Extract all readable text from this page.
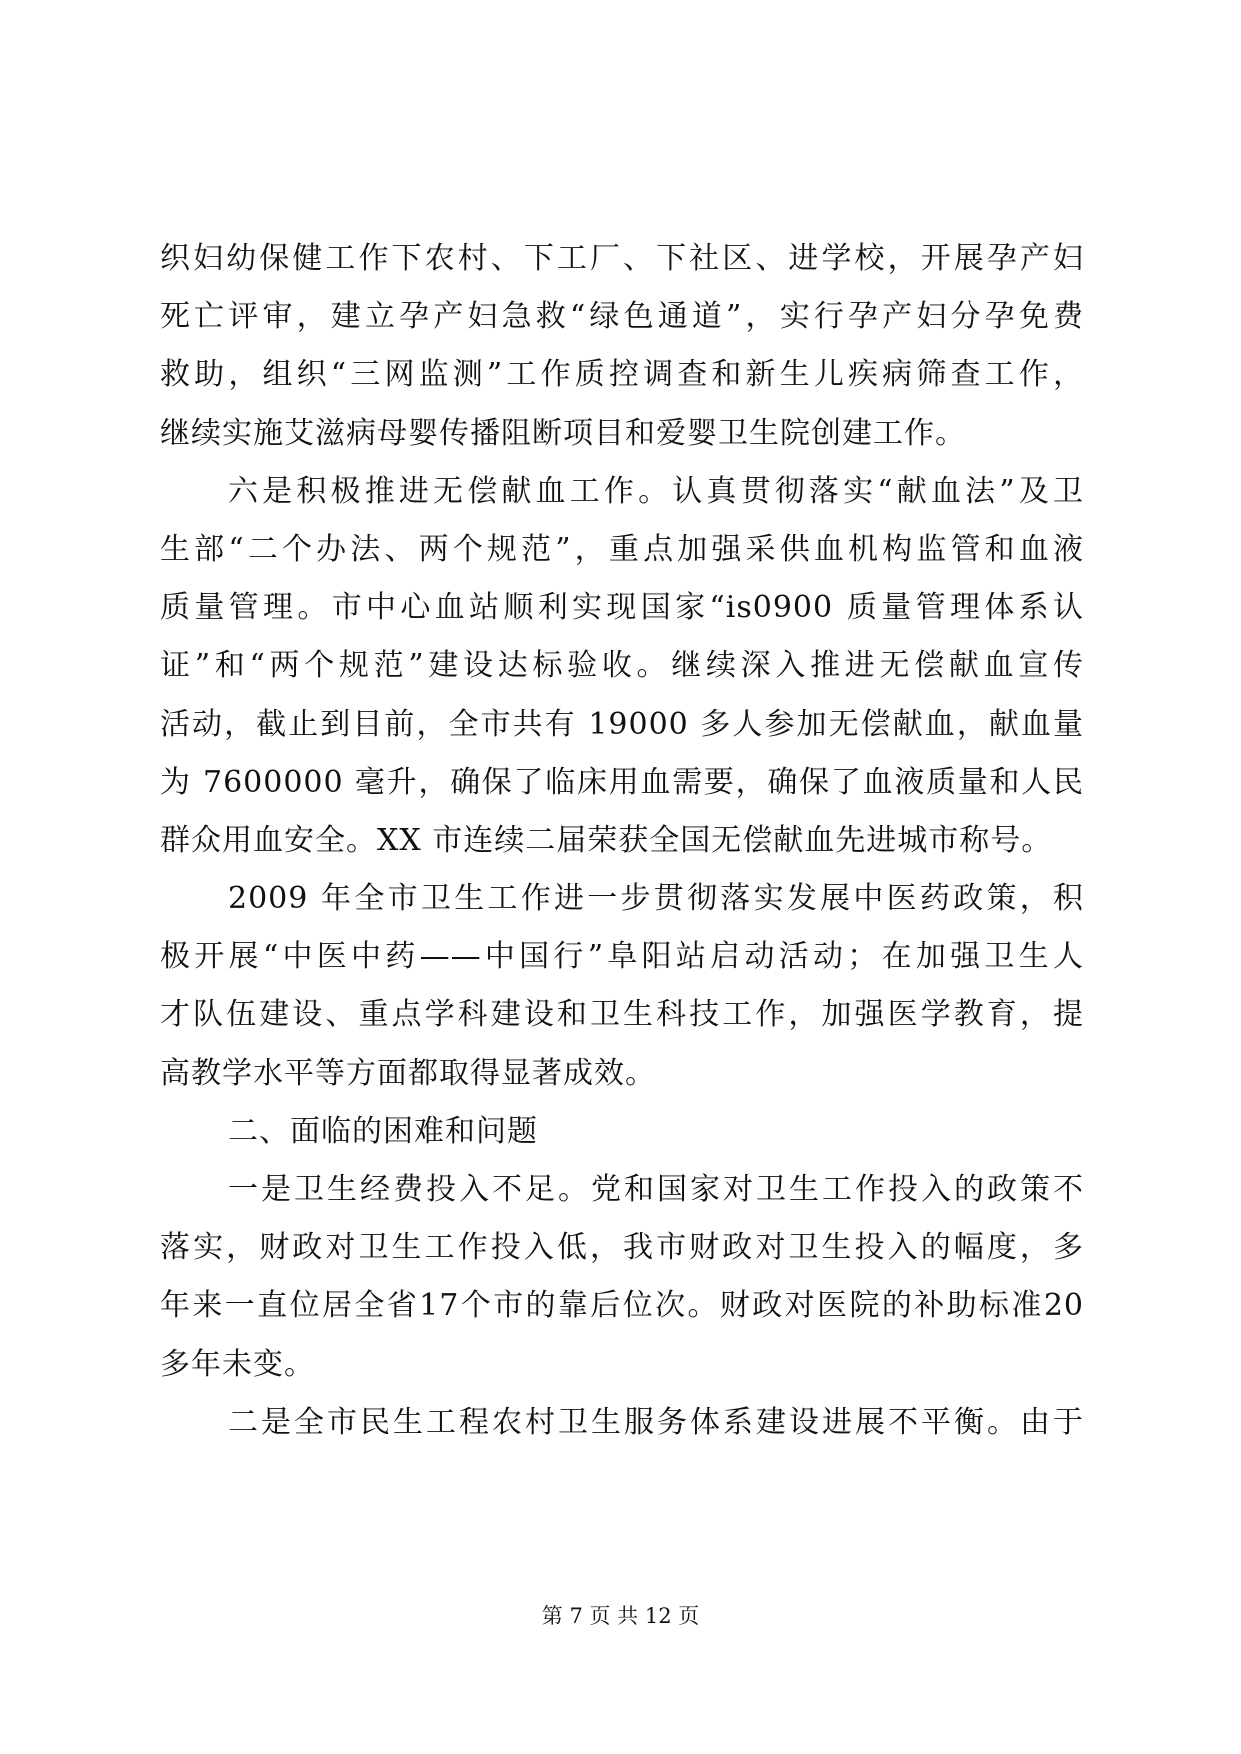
织妇幼保健工作下农村、下工厂、下社区、进学校，开展孕产妇
死亡评审，建立孕产妇急救“绿色通道”，实行孕产妇分孕免费
救助，组织“三网监测”工作质控调查和新生儿疾病筛查工作，
继续实施艾滋病母婴传播阻断项目和爱婴卫生院创建工作。
六是积极推进无偿献血工作。认真贯彻落实“献血法”及卫
生部“二个办法、两个规范”，重点加强采供血机构监管和血液
质量管理。市中心血站顺利实现国家“is0900 质量管理体系认
证”和“两个规范”建设达标验收。继续深入推进无偿献血宣传
活动，截止到目前，全市共有 19000 多人参加无偿献血，献血量
为 7600000 毫升，确保了临床用血需要，确保了血液质量和人民
群众用血安全。XX 市连续二届荣获全国无偿献血先进城市称号。
2009 年全市卫生工作进一步贯彻落实发展中医药政策，积
极开展“中医中药——中国行”阜阳站启动活动；在加强卫生人
才队伍建设、重点学科建设和卫生科技工作，加强医学教育，提
高教学水平等方面都取得显著成效。
二、面临的困难和问题
一是卫生经费投入不足。党和国家对卫生工作投入的政策不
落实，财政对卫生工作投入低，我市财政对卫生投入的幅度，多
年来一直位居全省17个市的靠后位次。财政对医院的补助标准20
多年未变。
二是全市民生工程农村卫生服务体系建设进展不平衡。由于
第 7 页 共 12 页
